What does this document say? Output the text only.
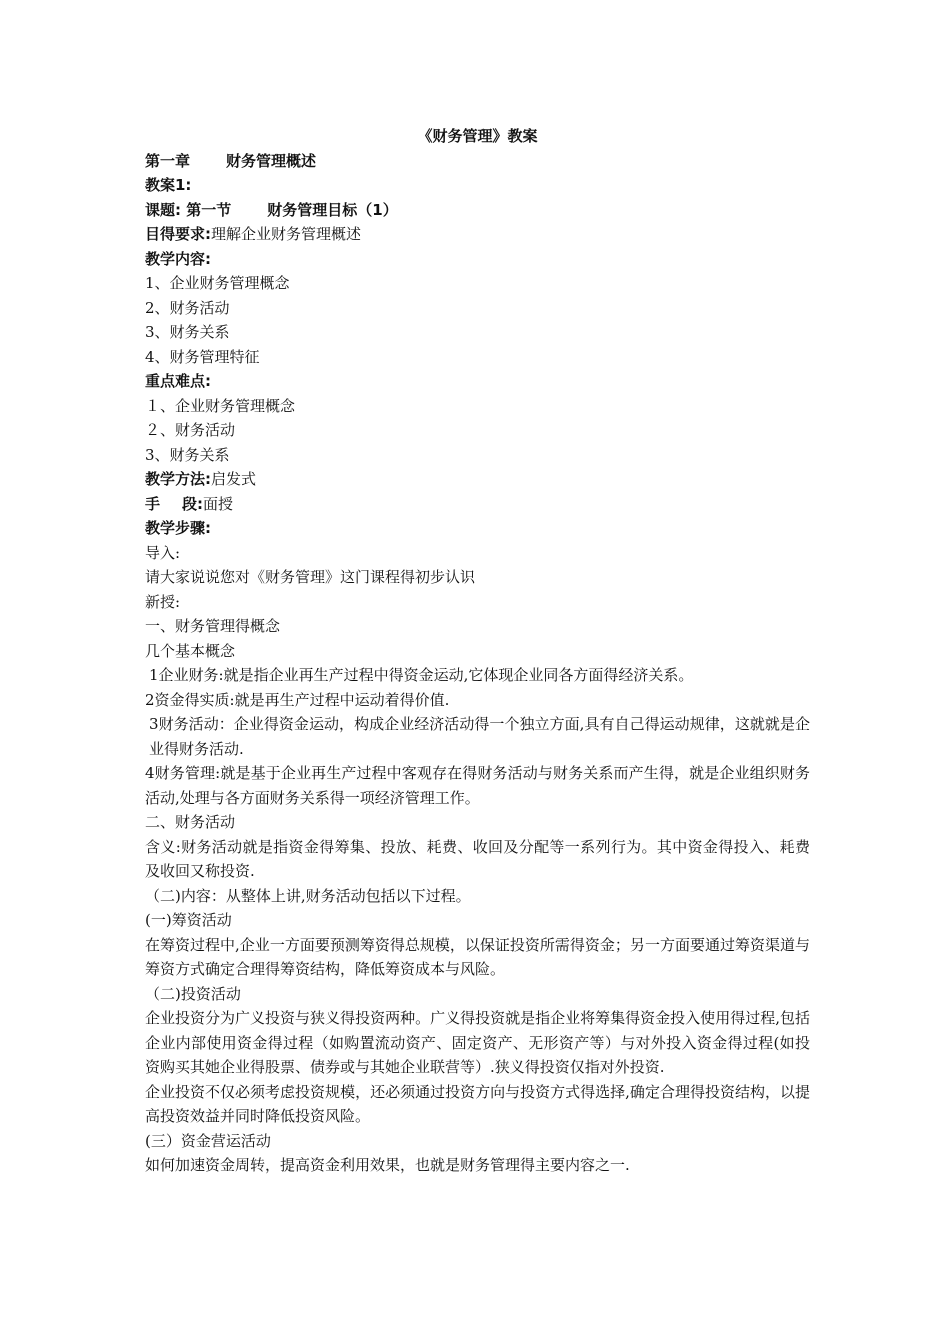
《财务管理》教案
第一章 财务管理概述
教案1:
课题: 第一节 财务管理目标（1）
目得要求:理解企业财务管理概述
教学内容:
1、企业财务管理概念
2、财务活动
3、财务关系
4、财务管理特征
重点难点:
１、企业财务管理概念
２、财务活动
3、财务关系
教学方法:启发式
手 段:面授
教学步骤:
导入:
请大家说说您对《财务管理》这门课程得初步认识
新授:
一、财务管理得概念
几个基本概念
1企业财务:就是指企业再生产过程中得资金运动,它体现企业同各方面得经济关系。
2资金得实质:就是再生产过程中运动着得价值.
3财务活动：企业得资金运动，构成企业经济活动得一个独立方面,具有自己得运动规律，这就就是企业得财务活动.
4财务管理:就是基于企业再生产过程中客观存在得财务活动与财务关系而产生得，就是企业组织财务活动,处理与各方面财务关系得一项经济管理工作。
二、财务活动
含义:财务活动就是指资金得筹集、投放、耗费、收回及分配等一系列行为。其中资金得投入、耗费及收回又称投资.
（二)内容：从整体上讲,财务活动包括以下过程。
(一)筹资活动
在筹资过程中,企业一方面要预测筹资得总规模，以保证投资所需得资金；另一方面要通过筹资渠道与筹资方式确定合理得筹资结构，降低筹资成本与风险。
（二)投资活动
企业投资分为广义投资与狭义得投资两种。广义得投资就是指企业将筹集得资金投入使用得过程,包括企业内部使用资金得过程（如购置流动资产、固定资产、无形资产等）与对外投入资金得过程(如投资购买其她企业得股票、债券或与其她企业联营等）.狭义得投资仅指对外投资.
企业投资不仅必须考虑投资规模，还必须通过投资方向与投资方式得选择,确定合理得投资结构，以提高投资效益并同时降低投资风险。
(三）资金营运活动
如何加速资金周转，提高资金利用效果，也就是财务管理得主要内容之一.
